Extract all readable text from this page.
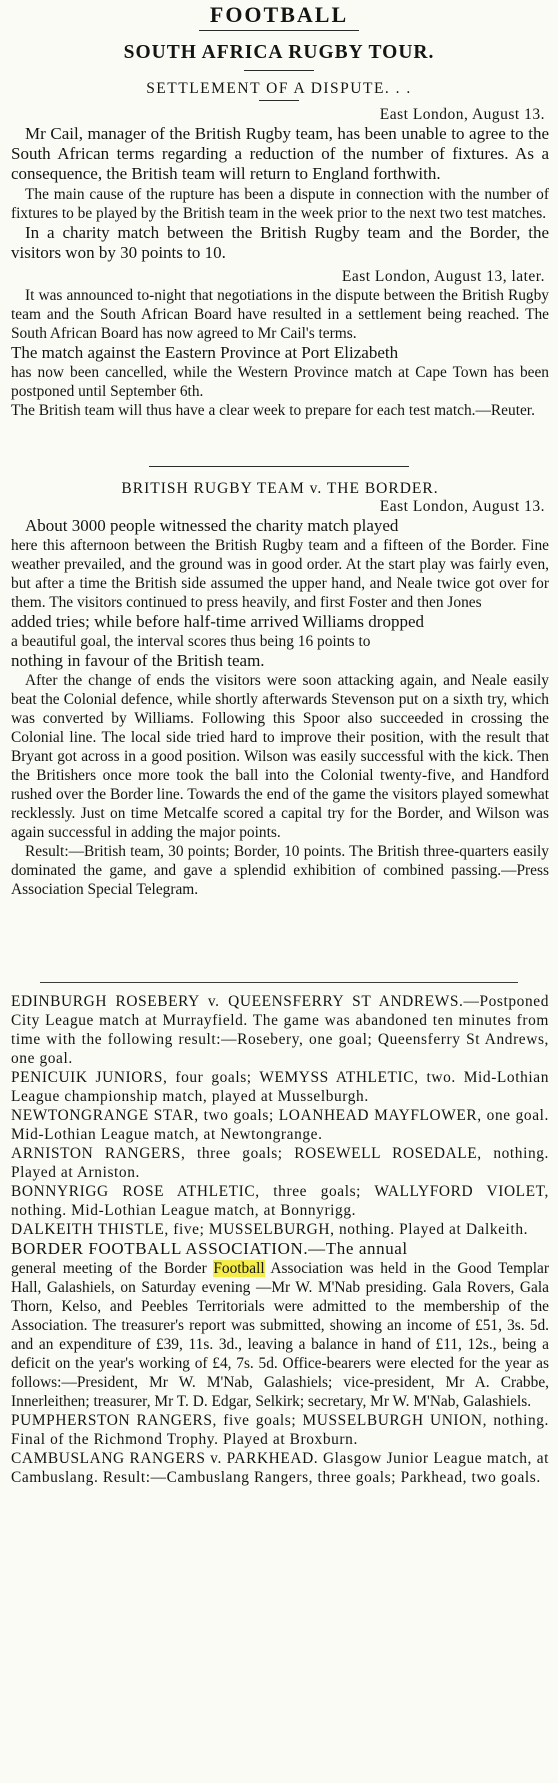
FOOTBALL
SOUTH AFRICA RUGBY TOUR.
SETTLEMENT OF A DISPUTE. . .
East London, August 13.

Mr Cail, manager of the British Rugby team, has been unable to agree to the South African terms regarding a reduction of the number of fixtures. As a consequence, the British team will return to England forthwith.

The main cause of the rupture has been a dispute in connection with the number of fixtures to be played by the British team in the week prior to the next two test matches.

In a charity match between the British Rugby team and the Border, the visitors won by 30 points to 10.

East London, August 13, later.

It was announced to-night that negotiations in the dispute between the British Rugby team and the South African Board have resulted in a settlement being reached. The South African Board has now agreed to Mr Cail's terms.

The match against the Eastern Province at Port Elizabeth

has now been cancelled, while the Western Province match at Cape Town has been postponed until September 6th.

The British team will thus have a clear week to prepare for each test match.—Reuter.

BRITISH RUGBY TEAM v. THE BORDER.
East London, August 13.

About 3000 people witnessed the charity match played

here this afternoon between the British Rugby team and a fifteen of the Border. Fine weather prevailed, and the ground was in good order. At the start play was fairly even, but after a time the British side assumed the upper hand, and Neale twice got over for them. The visitors continued to press heavily, and first Foster and then Jones

added tries; while before half-time arrived Williams dropped

a beautiful goal, the interval scores thus being 16 points to

nothing in favour of the British team.

After the change of ends the visitors were soon attacking again, and Neale easily beat the Colonial defence, while shortly afterwards Stevenson put on a sixth try, which was converted by Williams. Following this Spoor also succeeded in crossing the Colonial line. The local side tried hard to improve their position, with the result that Bryant got across in a good position. Wilson was easily successful with the kick. Then the Britishers once more took the ball into the Colonial twenty-five, and Handford rushed over the Border line. Towards the end of the game the visitors played somewhat recklessly. Just on time Metcalfe scored a capital try for the Border, and Wilson was again successful in adding the major points.

Result:—British team, 30 points; Border, 10 points. The British three-quarters easily dominated the game, and gave a splendid exhibition of combined passing.—Press Association Special Telegram.

EDINBURGH ROSEBERY v. QUEENSFERRY ST ANDREWS.—Postponed City League match at Murrayfield. The game was abandoned ten minutes from time with the following result:—Rosebery, one goal; Queensferry St Andrews, one goal.

PENICUIK JUNIORS, four goals; WEMYSS ATHLETIC, two. Mid-Lothian League championship match, played at Musselburgh.

NEWTONGRANGE STAR, two goals; LOANHEAD MAYFLOWER, one goal. Mid-Lothian League match, at Newtongrange.

ARNISTON RANGERS, three goals; ROSEWELL ROSEDALE, nothing. Played at Arniston.

BONNYRIGG ROSE ATHLETIC, three goals; WALLYFORD VIOLET, nothing. Mid-Lothian League match, at Bonnyrigg.

DALKEITH THISTLE, five; MUSSELBURGH, nothing. Played at Dalkeith.

BORDER FOOTBALL ASSOCIATION.—The annual

general meeting of the Border Football Association was held in the Good Templar Hall, Galashiels, on Saturday evening —Mr W. M'Nab presiding. Gala Rovers, Gala Thorn, Kelso, and Peebles Territorials were admitted to the membership of the Association. The treasurer's report was submitted, showing an income of £51, 3s. 5d. and an expenditure of £39, 11s. 3d., leaving a balance in hand of £11, 12s., being a deficit on the year's working of £4, 7s. 5d. Office-bearers were elected for the year as follows:—President, Mr W. M'Nab, Galashiels; vice-president, Mr A. Crabbe, Innerleithen; treasurer, Mr T. D. Edgar, Selkirk; secretary, Mr W. M'Nab, Galashiels.

PUMPHERSTON RANGERS, five goals; MUSSELBURGH UNION, nothing. Final of the Richmond Trophy. Played at Broxburn.

CAMBUSLANG RANGERS v. PARKHEAD. Glasgow Junior League match, at Cambuslang. Result:—Cambuslang Rangers, three goals; Parkhead, two goals.
